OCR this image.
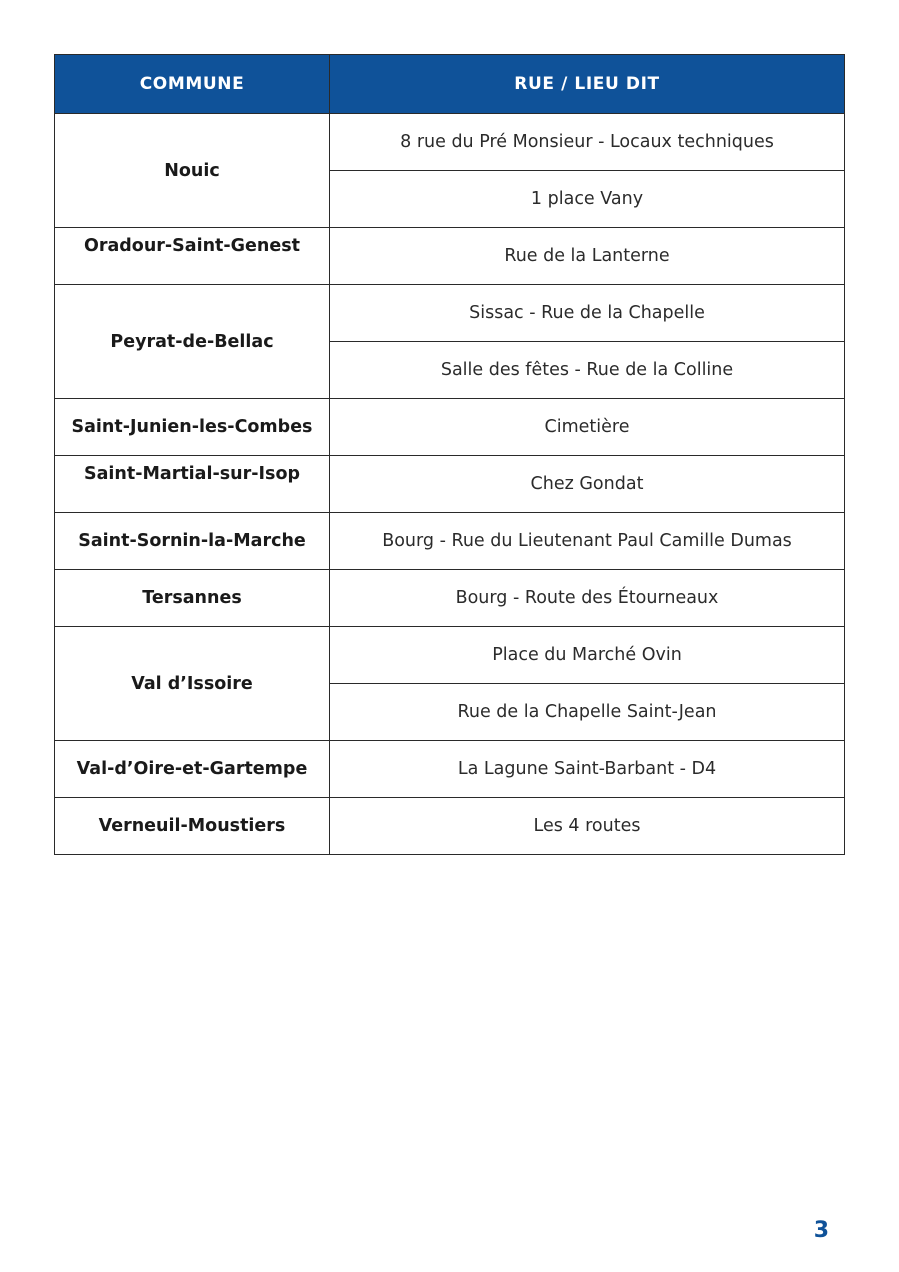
COMMUNE	RUE / LIEU DIT
Nouic	8 rue du Pré Monsieur - Locaux techniques
	1 place Vany
Oradour-Saint-Genest	Rue de la Lanterne
Peyrat-de-Bellac	Sissac - Rue de la Chapelle
	Salle des fêtes - Rue de la Colline
Saint-Junien-les-Combes	Cimetière
Saint-Martial-sur-Isop	Chez Gondat
Saint-Sornin-la-Marche	Bourg - Rue du Lieutenant Paul Camille Dumas
Tersannes	Bourg - Route des Étourneaux
Val d’Issoire	Place du Marché Ovin
	Rue de la Chapelle Saint-Jean
Val-d’Oire-et-Gartempe	La Lagune Saint-Barbant - D4
Verneuil-Moustiers	Les 4 routes
3
